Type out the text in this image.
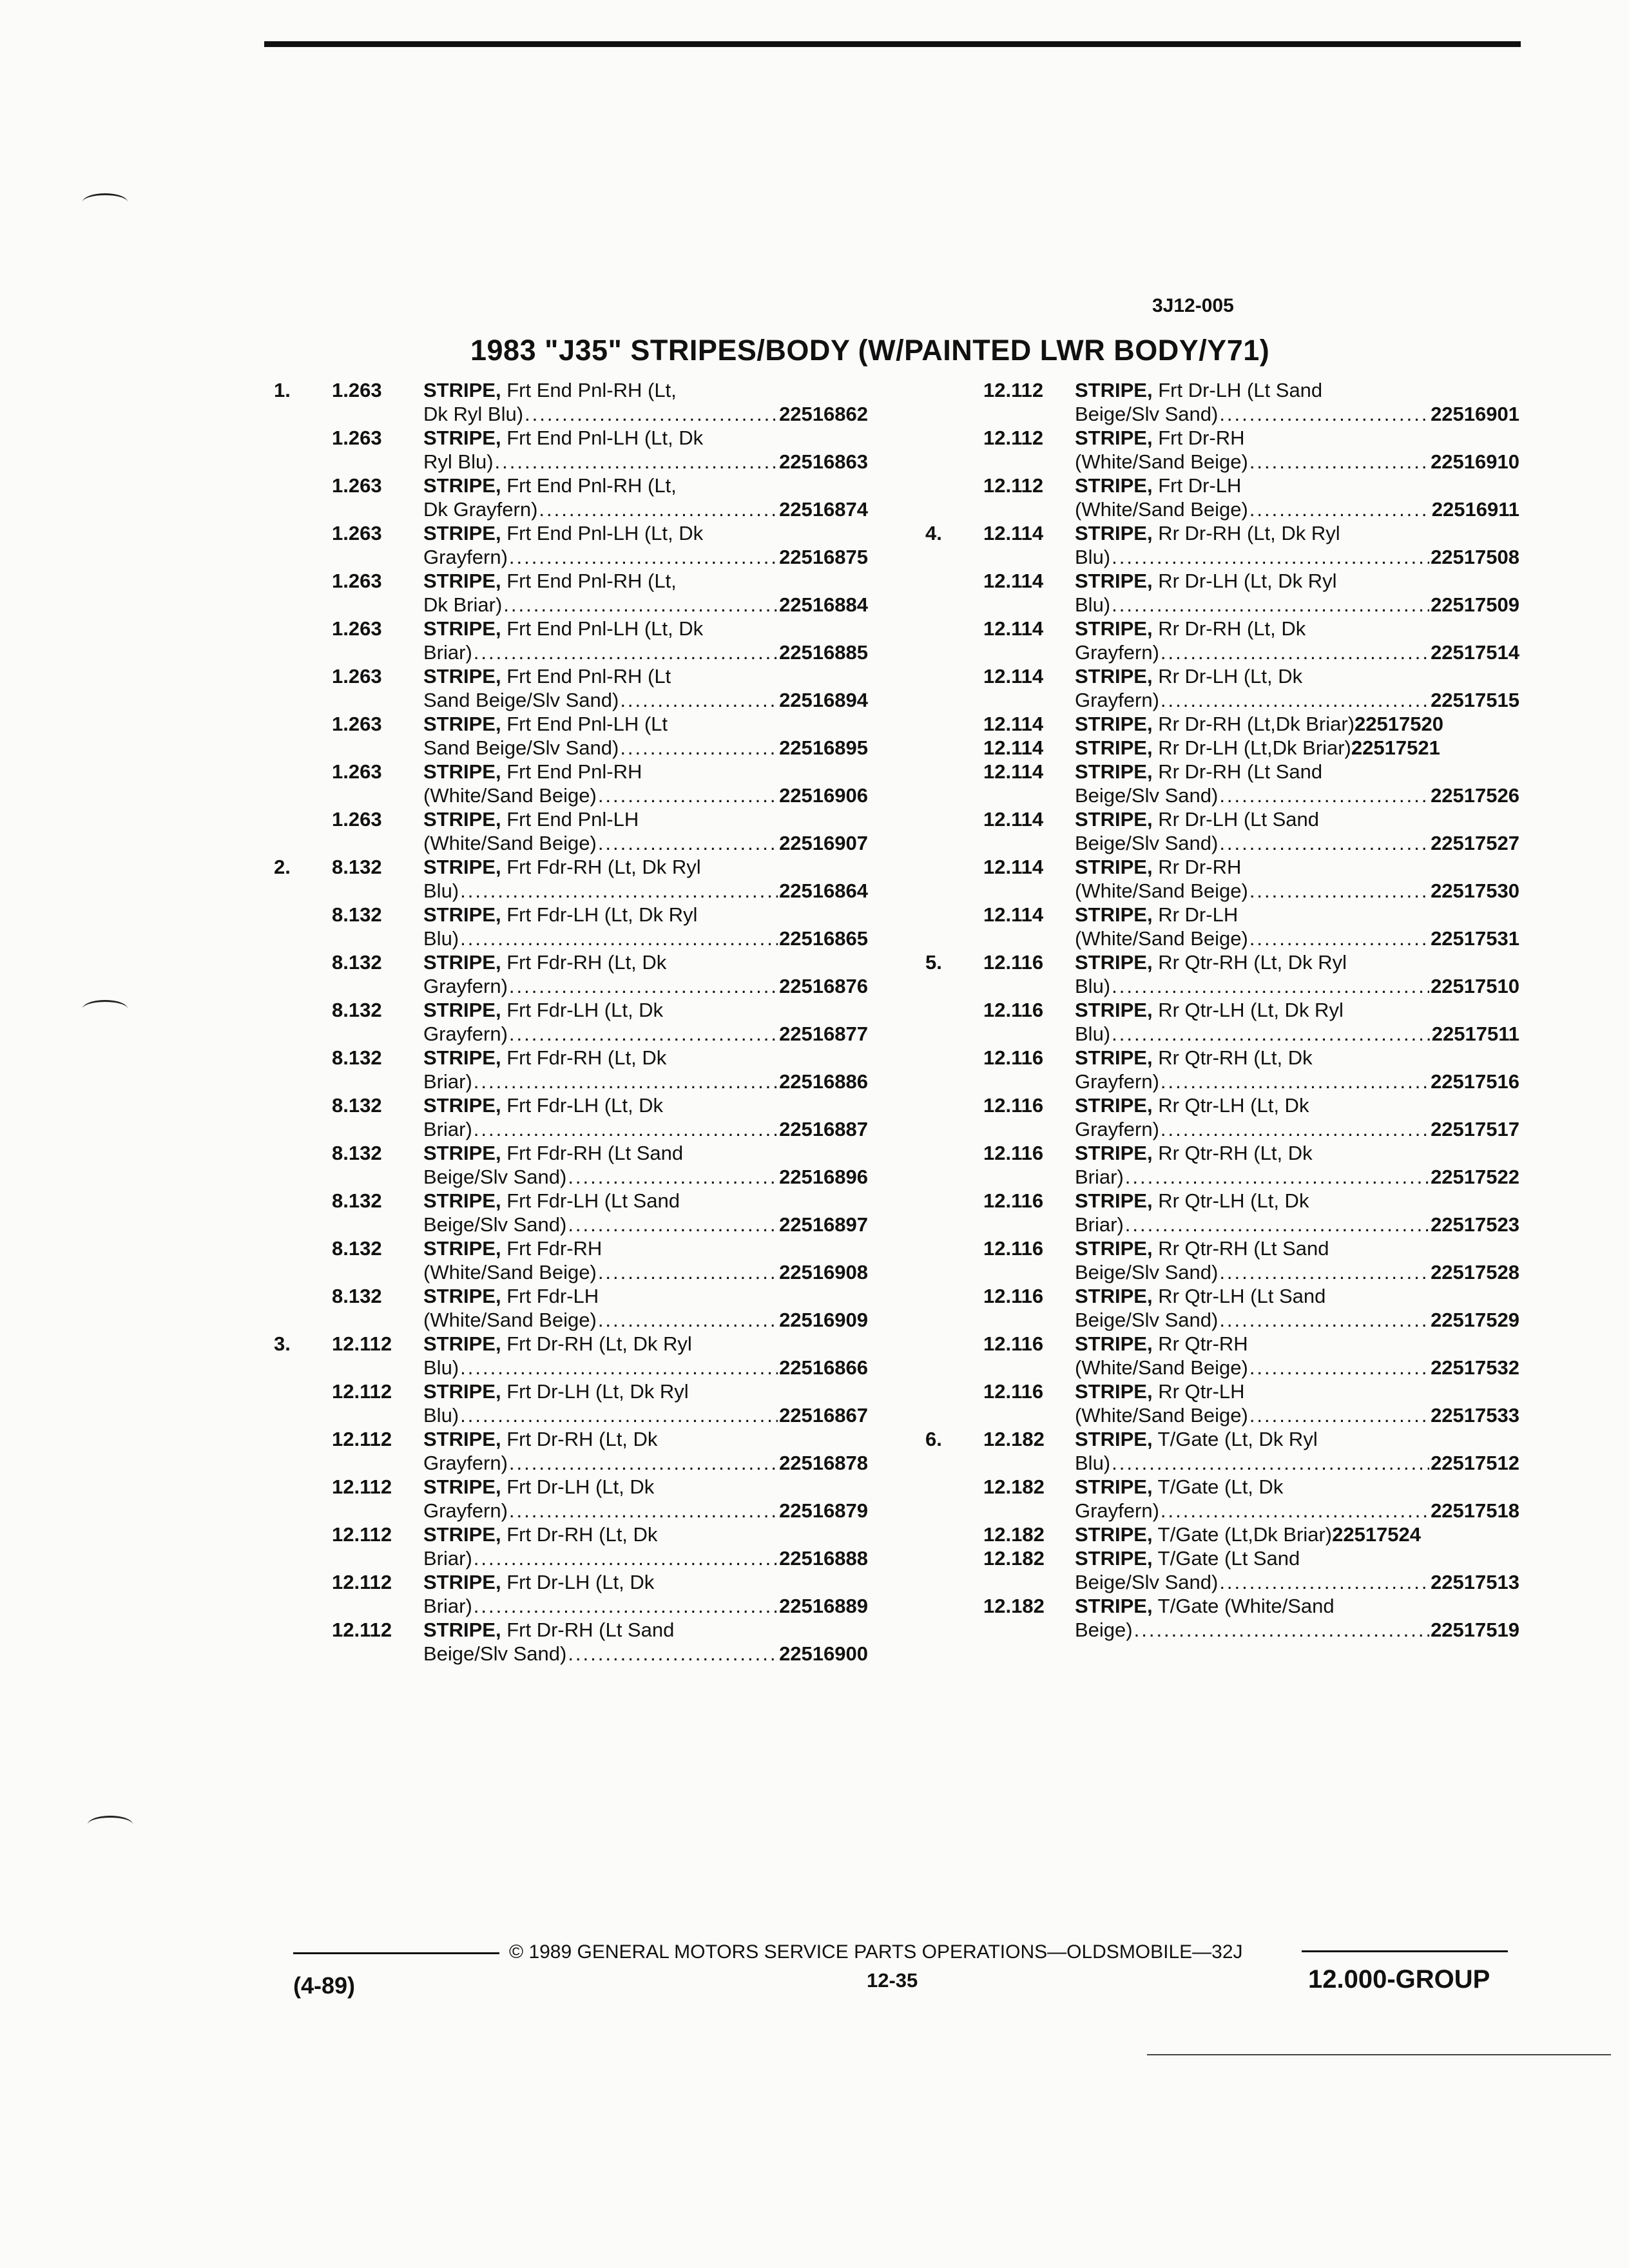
3J12-005
1983 "J35" STRIPES/BODY (W/PAINTED LWR BODY/Y71)
1. 1.263 STRIPE, Frt End Pnl-RH (Lt,
Dk Ryl Blu) .....	22516862
1.263 STRIPE, Frt End Pnl-LH (Lt, Dk
Ryl Blu) .....	22516863
1.263 STRIPE, Frt End Pnl-RH (Lt,
Dk Grayfern) .....	22516874
1.263 STRIPE, Frt End Pnl-LH (Lt, Dk
Grayfern) .....	22516875
1.263 STRIPE, Frt End Pnl-RH (Lt,
Dk Briar) .....	22516884
1.263 STRIPE, Frt End Pnl-LH (Lt, Dk
Briar) .....	22516885
1.263 STRIPE, Frt End Pnl-RH (Lt
Sand Beige/Slv Sand) .....	22516894
1.263 STRIPE, Frt End Pnl-LH (Lt
Sand Beige/Slv Sand) .....	22516895
1.263 STRIPE, Frt End Pnl-RH
(White/Sand Beige) .....	22516906
1.263 STRIPE, Frt End Pnl-LH
(White/Sand Beige) .....	22516907
2. 8.132 STRIPE, Frt Fdr-RH (Lt, Dk Ryl
Blu) .....	22516864
8.132 STRIPE, Frt Fdr-LH (Lt, Dk Ryl
Blu) .....	22516865
8.132 STRIPE, Frt Fdr-RH (Lt, Dk
Grayfern) .....	22516876
8.132 STRIPE, Frt Fdr-LH (Lt, Dk
Grayfern) .....	22516877
8.132 STRIPE, Frt Fdr-RH (Lt, Dk
Briar) .....	22516886
8.132 STRIPE, Frt Fdr-LH (Lt, Dk
Briar) .....	22516887
8.132 STRIPE, Frt Fdr-RH (Lt Sand
Beige/Slv Sand) .....	22516896
8.132 STRIPE, Frt Fdr-LH (Lt Sand
Beige/Slv Sand) .....	22516897
8.132 STRIPE, Frt Fdr-RH
(White/Sand Beige) .....	22516908
8.132 STRIPE, Frt Fdr-LH
(White/Sand Beige) .....	22516909
3. 12.112 STRIPE, Frt Dr-RH (Lt, Dk Ryl
Blu) .....	22516866
12.112 STRIPE, Frt Dr-LH (Lt, Dk Ryl
Blu) .....	22516867
12.112 STRIPE, Frt Dr-RH (Lt, Dk
Grayfern) .....	22516878
12.112 STRIPE, Frt Dr-LH (Lt, Dk
Grayfern) .....	22516879
12.112 STRIPE, Frt Dr-RH (Lt, Dk
Briar) .....	22516888
12.112 STRIPE, Frt Dr-LH (Lt, Dk
Briar) .....	22516889
12.112 STRIPE, Frt Dr-RH (Lt Sand
Beige/Slv Sand) .....	22516900
12.112 STRIPE, Frt Dr-LH (Lt Sand
Beige/Slv Sand) .....	22516901
12.112 STRIPE, Frt Dr-RH
(White/Sand Beige) .....	22516910
12.112 STRIPE, Frt Dr-LH
(White/Sand Beige) .....	22516911
4. 12.114 STRIPE, Rr Dr-RH (Lt, Dk Ryl
Blu) .....	22517508
12.114 STRIPE, Rr Dr-LH (Lt, Dk Ryl
Blu) .....	22517509
12.114 STRIPE, Rr Dr-RH (Lt, Dk
Grayfern) .....	22517514
12.114 STRIPE, Rr Dr-LH (Lt, Dk
Grayfern) .....	22517515
12.114 STRIPE, Rr Dr-RH (Lt,Dk Briar) 22517520
12.114 STRIPE, Rr Dr-LH (Lt,Dk Briar) 22517521
12.114 STRIPE, Rr Dr-RH (Lt Sand
Beige/Slv Sand) .....	22517526
12.114 STRIPE, Rr Dr-LH (Lt Sand
Beige/Slv Sand) .....	22517527
12.114 STRIPE, Rr Dr-RH
(White/Sand Beige) .....	22517530
12.114 STRIPE, Rr Dr-LH
(White/Sand Beige) .....	22517531
5. 12.116 STRIPE, Rr Qtr-RH (Lt, Dk Ryl
Blu) .....	22517510
12.116 STRIPE, Rr Qtr-LH (Lt, Dk Ryl
Blu) .....	22517511
12.116 STRIPE, Rr Qtr-RH (Lt, Dk
Grayfern) .....	22517516
12.116 STRIPE, Rr Qtr-LH (Lt, Dk
Grayfern) .....	22517517
12.116 STRIPE, Rr Qtr-RH (Lt, Dk
Briar) .....	22517522
12.116 STRIPE, Rr Qtr-LH (Lt, Dk
Briar) .....	22517523
12.116 STRIPE, Rr Qtr-RH (Lt Sand
Beige/Slv Sand) .....	22517528
12.116 STRIPE, Rr Qtr-LH (Lt Sand
Beige/Slv Sand) .....	22517529
12.116 STRIPE, Rr Qtr-RH
(White/Sand Beige) .....	22517532
12.116 STRIPE, Rr Qtr-LH
(White/Sand Beige) .....	22517533
6. 12.182 STRIPE, T/Gate (Lt, Dk Ryl
Blu) .....	22517512
12.182 STRIPE, T/Gate (Lt, Dk
Grayfern) .....	22517518
12.182 STRIPE, T/Gate (Lt,Dk Briar) 22517524
12.182 STRIPE, T/Gate (Lt Sand
Beige/Slv Sand) .....	22517513
12.182 STRIPE, T/Gate (White/Sand
Beige) .....	22517519
© 1989 GENERAL MOTORS SERVICE PARTS OPERATIONS—OLDSMOBILE—32J
(4-89)	12-35	12.000-GROUP
